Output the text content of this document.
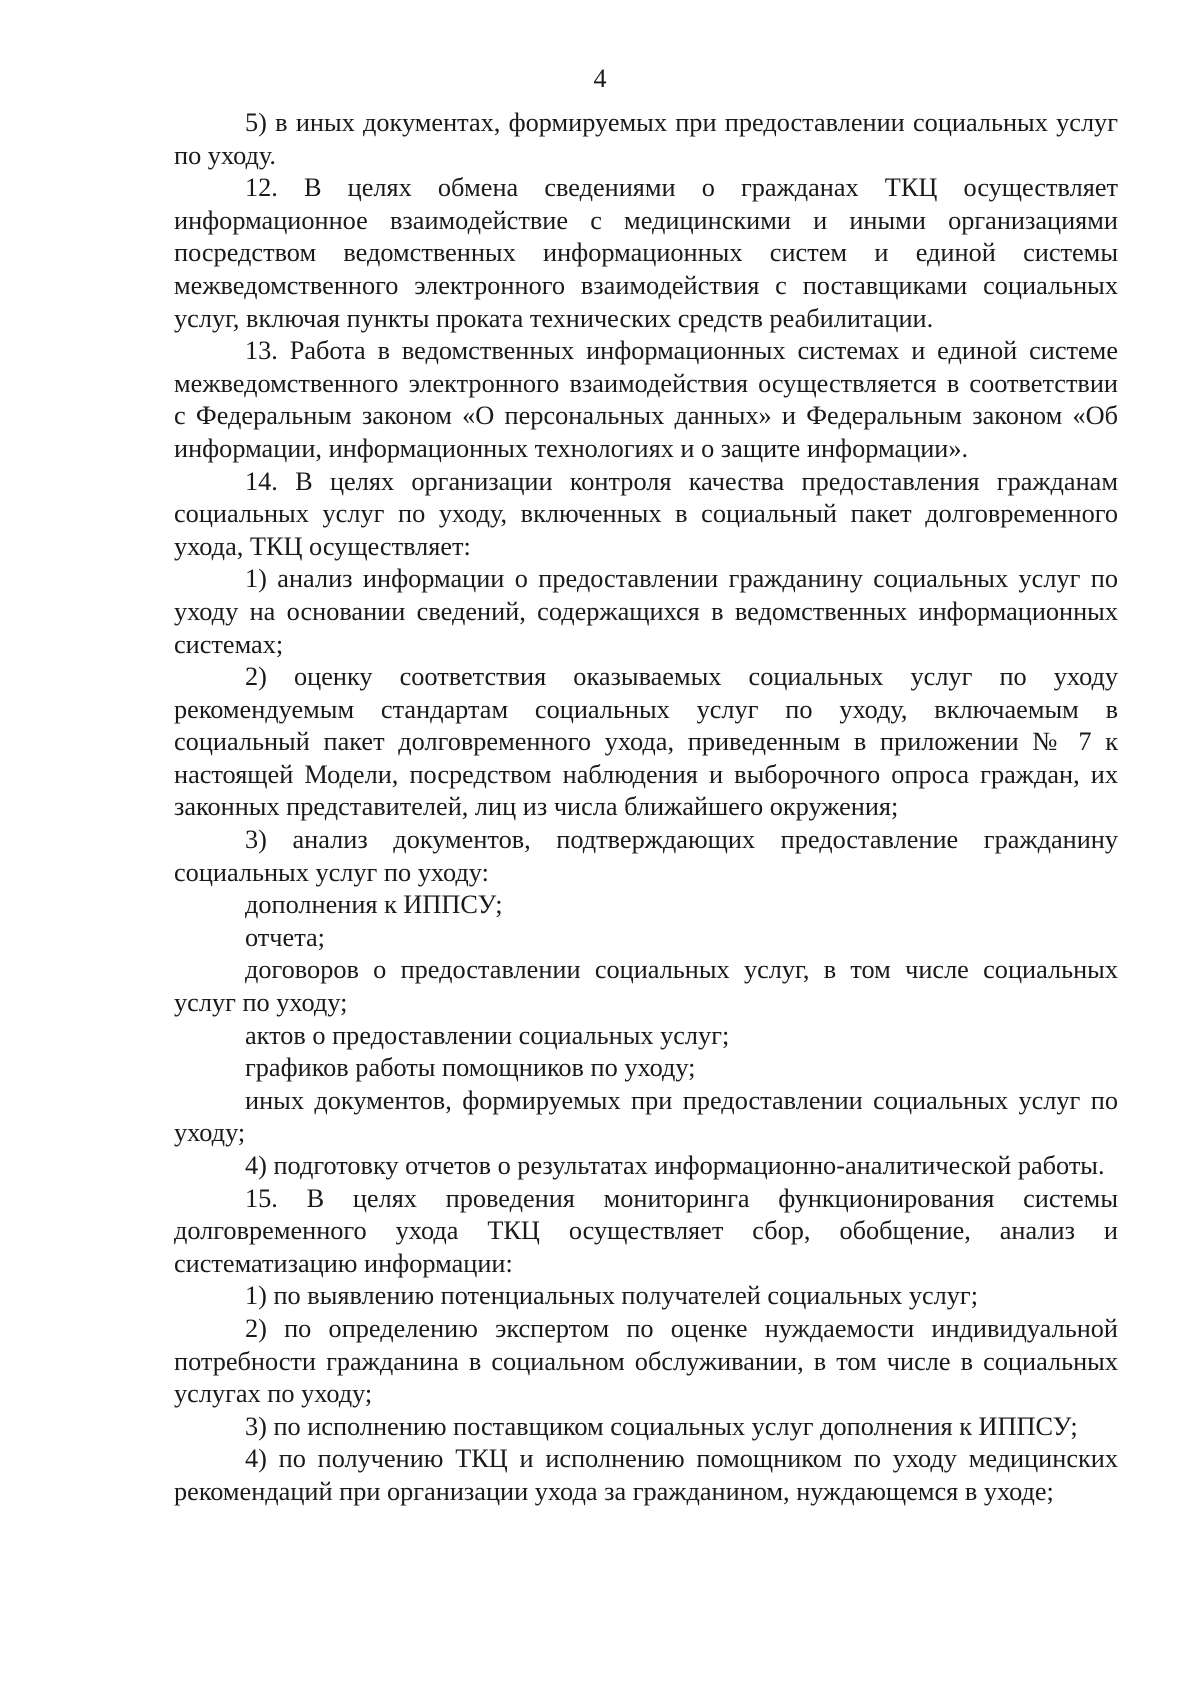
4

5) в иных документах, формируемых при предоставлении социальных услуг по уходу.

12. В целях обмена сведениями о гражданах ТКЦ осуществляет информационное взаимодействие с медицинскими и иными организациями посредством ведомственных информационных систем и единой системы межведомственного электронного взаимодействия с поставщиками социальных услуг, включая пункты проката технических средств реабилитации.

13. Работа в ведомственных информационных системах и единой системе межведомственного электронного взаимодействия осуществляется в соответствии с Федеральным законом «О персональных данных» и Федеральным законом «Об информации, информационных технологиях и о защите информации».

14. В целях организации контроля качества предоставления гражданам социальных услуг по уходу, включенных в социальный пакет долговременного ухода, ТКЦ осуществляет:

1) анализ информации о предоставлении гражданину социальных услуг по уходу на основании сведений, содержащихся в ведомственных информационных системах;

2) оценку соответствия оказываемых социальных услуг по уходу рекомендуемым стандартам социальных услуг по уходу, включаемым в социальный пакет долговременного ухода, приведенным в приложении № 7 к настоящей Модели, посредством наблюдения и выборочного опроса граждан, их законных представителей, лиц из числа ближайшего окружения;

3) анализ документов, подтверждающих предоставление гражданину социальных услуг по уходу:

дополнения к ИППСУ;

отчета;

договоров о предоставлении социальных услуг, в том числе социальных услуг по уходу;

актов о предоставлении социальных услуг;

графиков работы помощников по уходу;

иных документов, формируемых при предоставлении социальных услуг по уходу;

4) подготовку отчетов о результатах информационно-аналитической работы.

15. В целях проведения мониторинга функционирования системы долговременного ухода ТКЦ осуществляет сбор, обобщение, анализ и систематизацию информации:

1) по выявлению потенциальных получателей социальных услуг;

2) по определению экспертом по оценке нуждаемости индивидуальной потребности гражданина в социальном обслуживании, в том числе в социальных услугах по уходу;

3) по исполнению поставщиком социальных услуг дополнения к ИППСУ;

4) по получению ТКЦ и исполнению помощником по уходу медицинских рекомендаций при организации ухода за гражданином, нуждающемся в уходе;
